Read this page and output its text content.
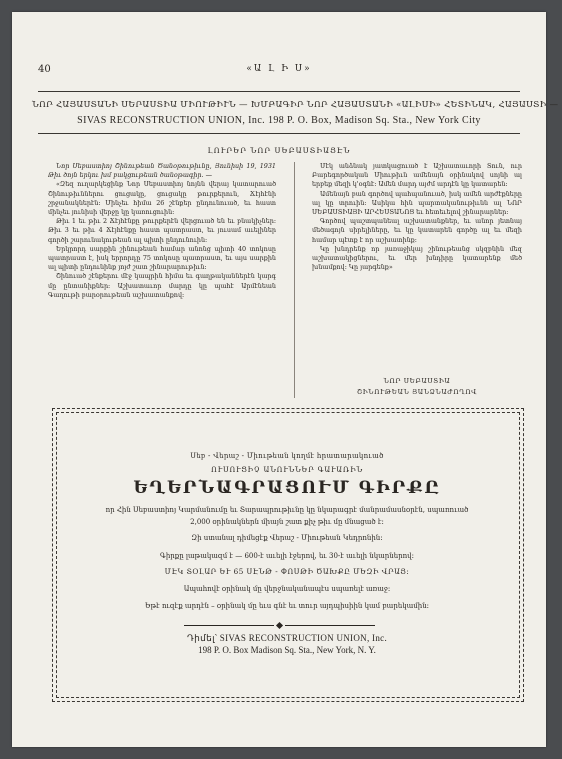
40	«Ա Լ Ի Ս»
ՆՈՐ ՀԱՅԱՍՏԱՆԻ ՍԵՐԱՍՏԻԱ ՄԻՈՒԹԻՒՆ — ԽՄԲԱԳԻՐ ՆՈՐ ՀԱՅԱՍՏԱՆԻ «ԱԼԻՍԻ» ՀԵՏԻՆԱԿ, ՀԱՅԱՍՏԻ —
SIVAS RECONSTRUCTION UNION, Inc. 198 P. O. Box, Madison Sq. Sta., New York City
ԼՈՒՐԵՐ ՆՈՐ ՍԵԲԱՍՏԻԱՅԷՆ

Նոր Սեբաստիոյ Շինութեան Ծանօթութիւնը, Յունիսի 19, 1931 Թիւ ծոյն երկու խմ բակցութեան ծանօթագիր. —

«Զեզ ուղարկեցինք Նոր Սեբաստիոյ նոյնն վերայ կատարուած Շինութիւններու ցուցակը, ցուցակը թուրքերուն, Ճէյհէնի շրջանակներէն: Մինչեւ հիմա 26 շէնքեր ընդունուած, եւ հաստ մինչեւ յունիսի վերջը կը կառուցուին:

Թիւ 1 եւ թիւ 2 Ճէյհէնքը թուրքերէն վերցուած են եւ բնակիչներ: Թիւ 3 եւ թիւ 4 Ճէյհէնքը հաստ պատրաստ, եւ յուսամ աւելիներ գործի շարունակութեան ալ պիտի ընդունուին:

Երկրորդ սարքին շինութեան համար անոնց պիտի 40 տոկոսը պատրաստ է, իսկ երրորդը 75 տոկոսը պատրաստ, եւ այս սարքին ալ պիտի ընդունինք յոյժ շատ շինարարութիւն:

Շինուած շէնքերու մէջ կապրին հիմա եւ գաղթականներէն կարգ մը ընտանիքներ: Աշխատաւոր մարդը կը պահէ Արմէնեան Գաղութի բարօրութեան աշխատանքով:

Մէկ անձնակ յատկացուած է Աշխատաւորի Տուն, ուր Բարեգործական Միութիւն ամենայն օրինակով սոյնի ալ երբեք մեզի կ'օգնէ: Ամեն մարդ այժմ արդէն կը կատարեն:

Ամենայն բան գործով պահպանուած, իսկ ամեն արժէքները ալ կը տրուին: Ասիկա հին պարտականութիւնն ալ ՆՈՐ ՍԵԲԱՍՏԻԱՅԻ ԱՐՀԵՍՏԱՆՈՑ եւ հետեւելով շինարարներ:

Գործով պաշտպանեալ աշխատանքներ, եւ անոր յետնայ մեծագոյն սիրելիները, եւ կը կատարեն գործը ալ եւ մեզի համար պէտք է որ աշխատինք:

Կը խնդրենք որ յառաջիկայ շինութեանց սկզբնին մեզ աշխատակիցներու, եւ մեր խնդիրը կատարենք մեծ խնամքով: Կը յարգենք»

ՆՈՐ ՍԵԲԱՍՏԻԱ
ՇԻՆՈՒԹԵԱՆ ՅԱՆՁՆԱԺՈՂՈՎ
Սեբ - Վերաշ - Միութեան կողմէ հրատարակուած
ՈՒՍՈՒՑԻՉ ԱՆՈՒՆՆԵՐ ԳԱՒԱՌԻՆ
ԵՂԵՐՆԱԳՐԱՑՈՒՄ ԳԻՐՔԸ
որ Հին Սեբաստիոյ Կարմանումը եւ Տարապրութիւնը կը նկարագրէ մանրամասնօրէն, սպառուած 2,000 օրինակներն միայն շատ քիչ թիւ մը մնացած է:
Զի ստանալ դիմեցէք Վերաշ - Միութեան Կեդրոնին:
Գիրքը լաթակազմ է — 600-է աւելի էջերով, եւ 30-է աւելի նկարներով:
ՄԷԿ ՏՕԼԱՐ ԵՒ 65 ՍԷՆԹ - ՓՈՍԹԻ ԾԱԽՔԸ ՄԵԶԻ ՎՐԱՅ:
Ապահովէ օրինակ մը վերջնականապէս սպառելէ առաջ:
Եթէ ուզէք արդէն – օրինակ մը եւս գնէ եւ տուր այդպիսիին կամ բարեկամին:
Դիմել՝ SIVAS RECONSTRUCTION UNION, Inc.
198 P. O. Box Madison Sq. Sta., New York, N. Y.
